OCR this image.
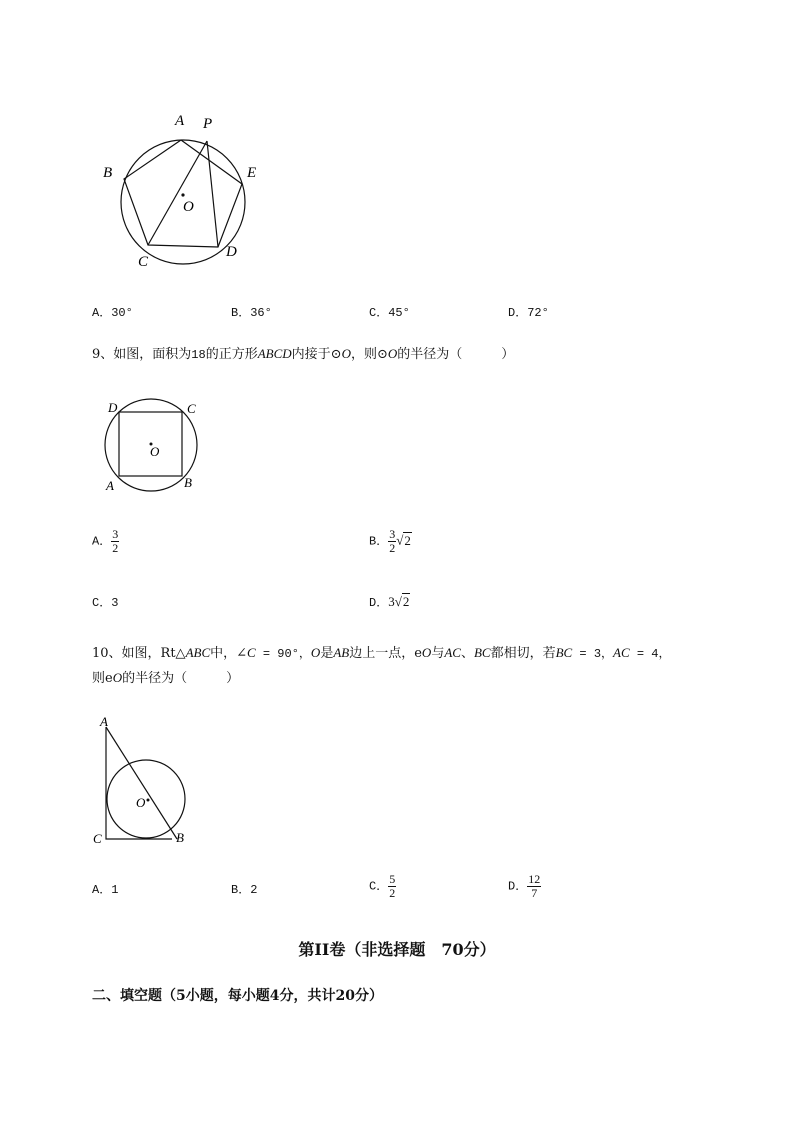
A P
B	E
O
C
D
A．30°	B．36°	C．45°	D．72°
9、如图，面积为18的正方形ABCD内接于⊙O，则⊙O的半径为（　　　）
D	C
O
A	B
A． $\frac{3}{2}$	B． $\frac{3}{2} √2$
C．3	D．3√2
10、如图，Rt△ABC中，∠C = 90°，O是AB边上一点，eO与AC、BC都相切，若BC = 3，AC = 4，
则eO的半径为（　　　）
A
O
C	B
A．1	B．2	C． $\frac{5}{2}$	D． $\frac{12}{7}$
第II卷（非选择题　70分）
二、填空题（5小题，每小题4分，共计20分）
